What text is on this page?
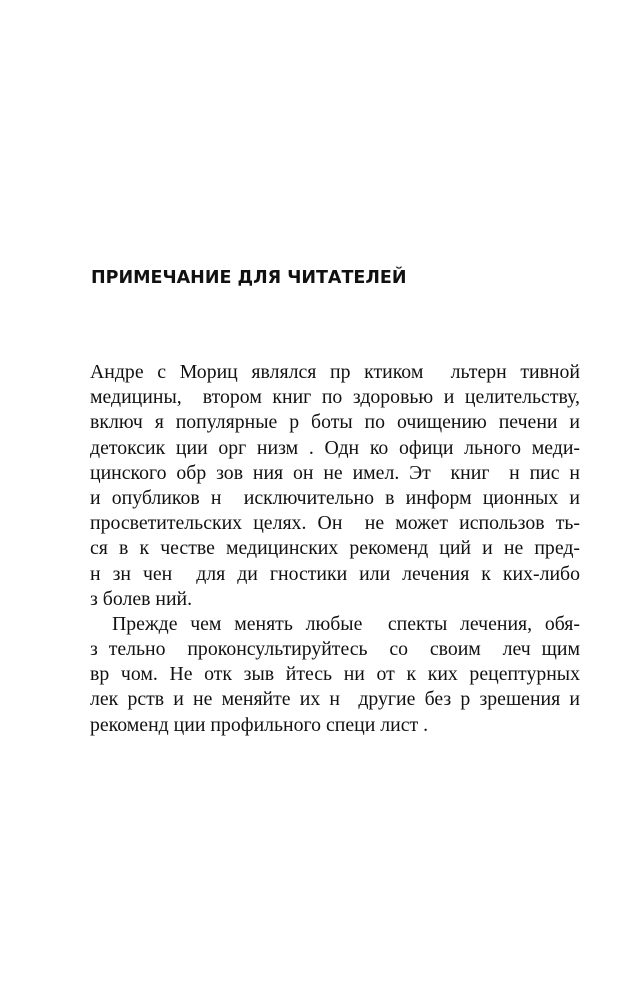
ПРИМЕЧАНИЕ ДЛЯ ЧИТАТЕЛЕЙ
Андре с Мориц являлся пр ктиком  льтерн тивной
медицины,  втором книг по здоровью и целительству,
включ я популярные р боты по очищению печени и
детоксик ции орг низм . Одн ко офици льного меди-
цинского обр зов ния он не имел. Эт  книг  н пис н
и опубликов н  исключительно в информ ционных и
просветительских целях. Он  не может использов ть-
ся в к честве медицинских рекоменд ций и не пред-
н зн чен  для ди гностики или лечения к ких-либо
з болев ний.
Прежде чем менять любые  спекты лечения, обя-
з тельно  проконсультируйтесь  со  своим  леч щим
вр чом. Не отк зыв йтесь ни от к ких рецептурных
лек рств и не меняйте их н  другие без р зрешения и
рекоменд ции профильного специ лист .
